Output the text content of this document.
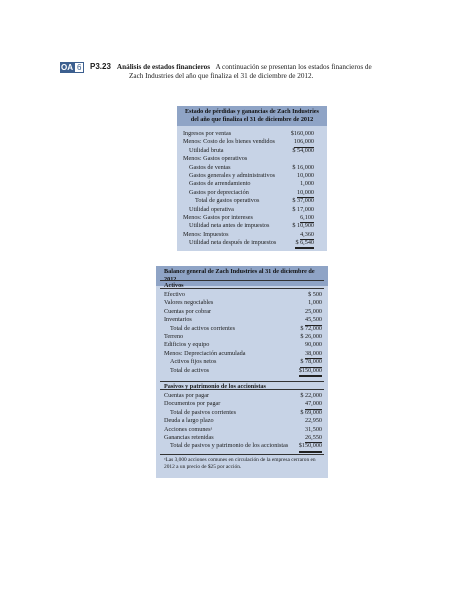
OA 6	P3.23 Análisis de estados financieros A continuación se presentan los estados financieros de
Zach Industries del año que finaliza el 31 de diciembre de 2012.
Estado de pérdidas y ganancias de Zach Industries
del año que finaliza el 31 de diciembre de 2012
Ingresos por ventas	$160,000
Menos: Costo de los bienes vendidos	106,000
Utilidad bruta	$ 54,000
Menos: Gastos operativos
Gastos de ventas	$ 16,000
Gastos generales y administrativos	10,000
Gastos de arrendamiento	1,000
Gastos por depreciación	10,000
Total de gastos operativos	$ 37,000
Utilidad operativa	$ 17,000
Menos: Gastos por intereses	6,100
Utilidad neta antes de impuestos	$ 10,900
Menos: Impuestos	4,360
Utilidad neta después de impuestos	$ 6,540
Balance general de Zach Industries al 31 de diciembre de 2012
Activos
Efectivo	$ 500
Valores negociables	1,000
Cuentas por cobrar	25,000
Inventarios	45,500
Total de activos corrientes	$ 72,000
Terreno	$ 26,000
Edificios y equipo	90,000
Menos: Depreciación acumulada	38,000
Activos fijos netos	$ 78,000
Total de activos	$150,000
Pasivos y patrimonio de los accionistas
Cuentas por pagar	$ 22,000
Documentos por pagar	47,000
Total de pasivos corrientes	$ 69,000
Deuda a largo plazo	22,950
Acciones comunesᵃ	31,500
Ganancias retenidas	26,550
Total de pasivos y patrimonio de los accionistas $150,000
ᵃLas 3,000 acciones comunes en circulación de la empresa cerraron en
2012 a un precio de $25 por acción.
